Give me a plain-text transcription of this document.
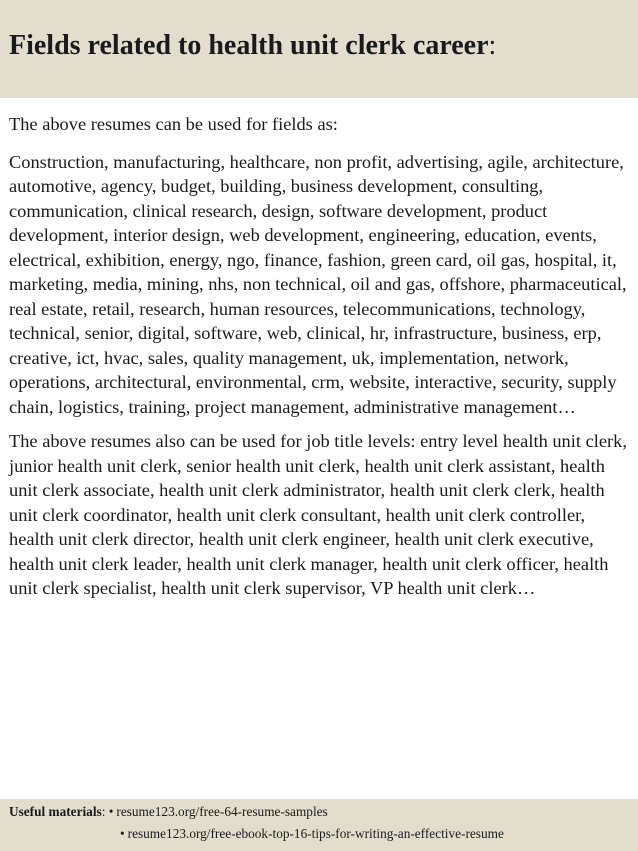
Fields related to health unit clerk career:

The above resumes can be used for fields as:

Construction, manufacturing, healthcare, non profit, advertising, agile, architecture, automotive, agency, budget, building, business development, consulting, communication, clinical research, design, software development, product development, interior design, web development, engineering, education, events, electrical, exhibition, energy, ngo, finance, fashion, green card, oil gas, hospital, it, marketing, media, mining, nhs, non technical, oil and gas, offshore, pharmaceutical, real estate, retail, research, human resources, telecommunications, technology, technical, senior, digital, software, web, clinical, hr, infrastructure, business, erp, creative, ict, hvac, sales, quality management, uk, implementation, network, operations, architectural, environmental, crm, website, interactive, security, supply chain, logistics, training, project management, administrative management…

The above resumes also can be used for job title levels: entry level health unit clerk, junior health unit clerk, senior health unit clerk, health unit clerk assistant, health unit clerk associate, health unit clerk administrator, health unit clerk clerk, health unit clerk coordinator, health unit clerk consultant, health unit clerk controller, health unit clerk director, health unit clerk engineer, health unit clerk executive, health unit clerk leader, health unit clerk manager, health unit clerk officer, health unit clerk specialist, health unit clerk supervisor, VP health unit clerk…

Useful materials: • resume123.org/free-64-resume-samples
• resume123.org/free-ebook-top-16-tips-for-writing-an-effective-resume
